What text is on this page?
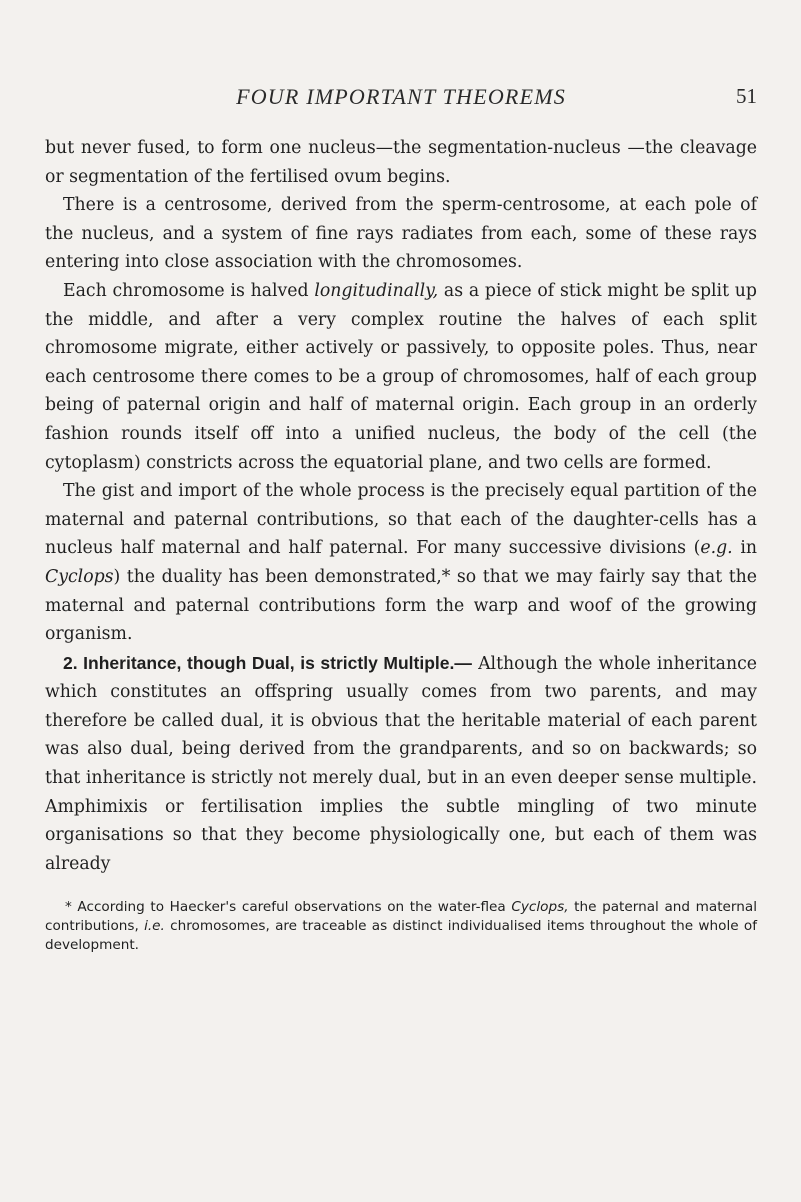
FOUR IMPORTANT THEOREMS	51

but never fused, to form one nucleus—the segmentation-nucleus —the cleavage or segmentation of the fertilised ovum begins.

There is a centrosome, derived from the sperm-centrosome, at each pole of the nucleus, and a system of fine rays radiates from each, some of these rays entering into close association with the chromosomes.

Each chromosome is halved longitudinally, as a piece of stick might be split up the middle, and after a very complex routine the halves of each split chromosome migrate, either actively or passively, to opposite poles. Thus, near each centrosome there comes to be a group of chromosomes, half of each group being of paternal origin and half of maternal origin. Each group in an orderly fashion rounds itself off into a unified nucleus, the body of the cell (the cytoplasm) constricts across the equatorial plane, and two cells are formed.

The gist and import of the whole process is the precisely equal partition of the maternal and paternal contributions, so that each of the daughter-cells has a nucleus half maternal and half paternal. For many successive divisions (e.g. in Cyclops) the duality has been demonstrated,* so that we may fairly say that the maternal and paternal contributions form the warp and woof of the growing organism.

2. Inheritance, though Dual, is strictly Multiple.— Although the whole inheritance which constitutes an offspring usually comes from two parents, and may therefore be called dual, it is obvious that the heritable material of each parent was also dual, being derived from the grandparents, and so on backwards; so that inheritance is strictly not merely dual, but in an even deeper sense multiple. Amphimixis or fertilisation implies the subtle mingling of two minute organisations so that they become physiologically one, but each of them was already

* According to Haecker's careful observations on the water-flea Cyclops, the paternal and maternal contributions, i.e. chromosomes, are traceable as distinct individualised items throughout the whole of development.
